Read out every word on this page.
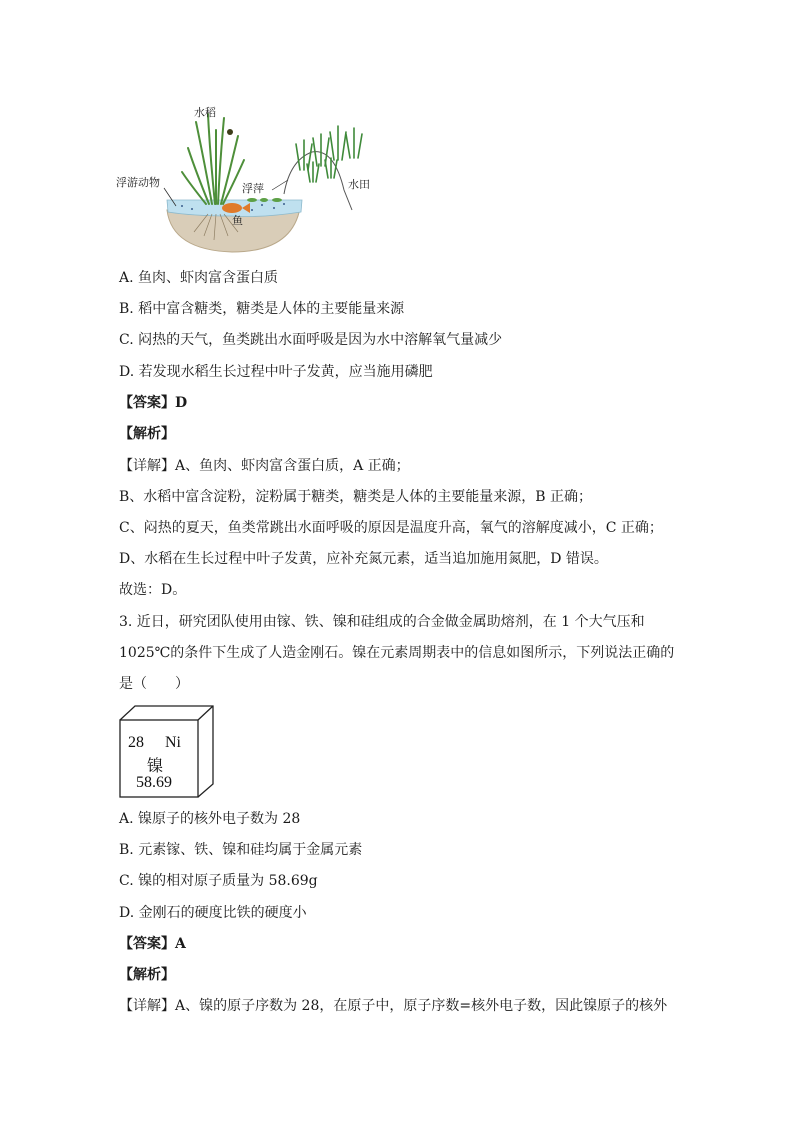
水稻
浮游动物	浮萍
鱼
水田
A. 鱼肉、虾肉富含蛋白质
B. 稻中富含糖类，糖类是人体的主要能量来源
C. 闷热的天气，鱼类跳出水面呼吸是因为水中溶解氧气量减少
D. 若发现水稻生长过程中叶子发黄，应当施用磷肥
【答案】D
【解析】
【详解】A、鱼肉、虾肉富含蛋白质，A 正确；
B、水稻中富含淀粉，淀粉属于糖类，糖类是人体的主要能量来源，B 正确；
C、闷热的夏天，鱼类常跳出水面呼吸的原因是温度升高，氧气的溶解度减小，C 正确；
D、水稻在生长过程中叶子发黄，应补充氮元素，适当追加施用氮肥，D 错误。
故选：D。
3. 近日，研究团队使用由镓、铁、镍和硅组成的合金做金属助熔剂，在 1 个大气压和
1025℃的条件下生成了人造金刚石。镍在元素周期表中的信息如图所示，下列说法正确的
是（　　）
28 Ni
镍
58.69
A. 镍原子的核外电子数为 28
B. 元素镓、铁、镍和硅均属于金属元素
C. 镍的相对原子质量为 58.69g
D. 金刚石的硬度比铁的硬度小
【答案】A
【解析】
【详解】A、镍的原子序数为 28，在原子中，原子序数=核外电子数，因此镍原子的核外
